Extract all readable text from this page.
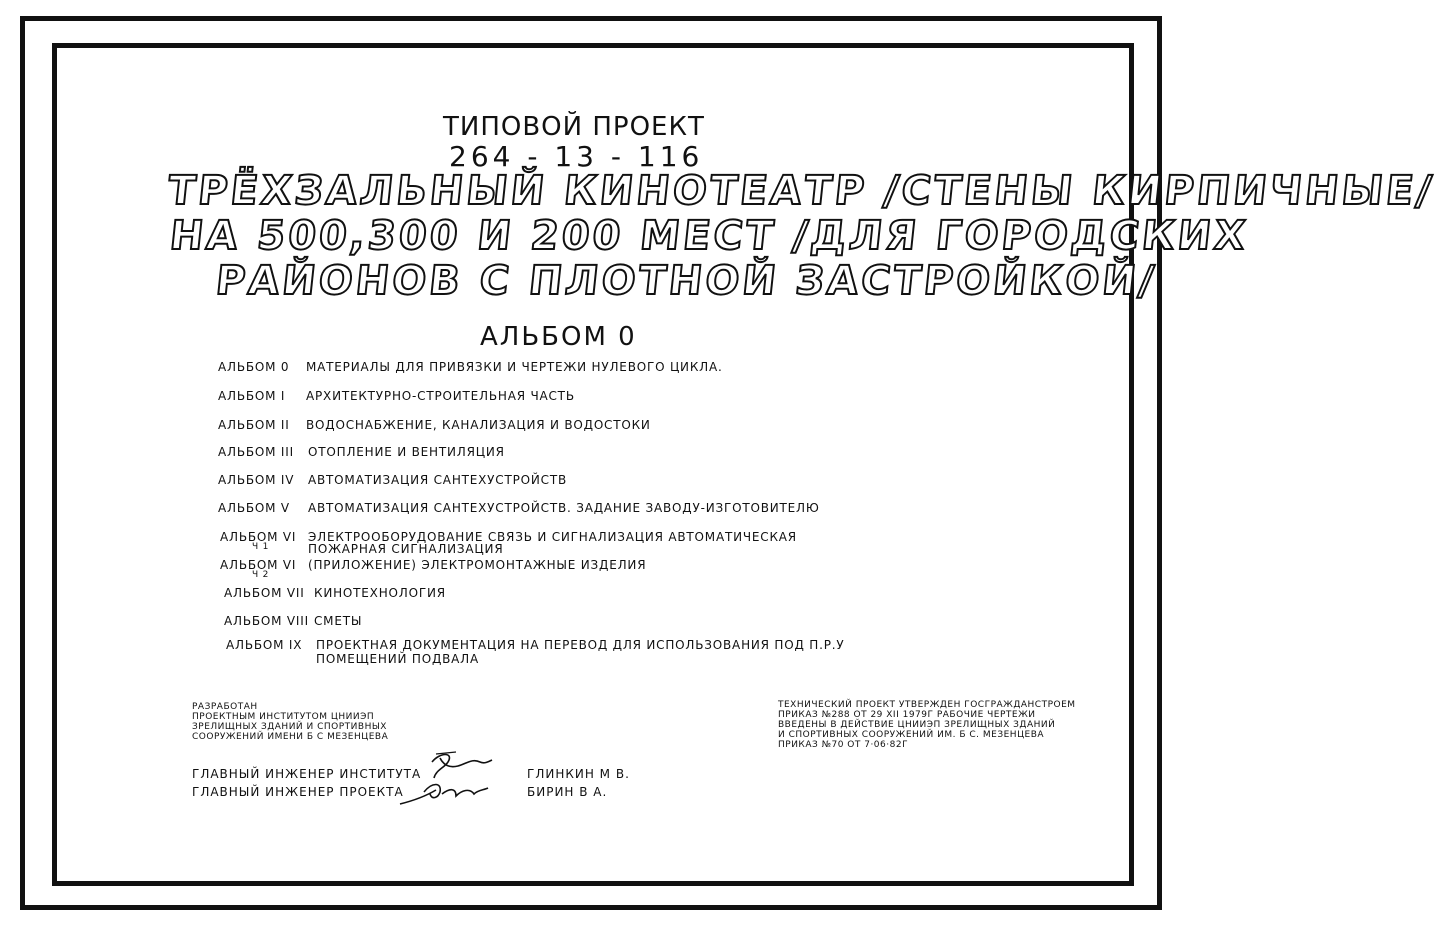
ТИПОВОЙ ПРОЕКТ
264 - 13 - 116
ТРЁХЗАЛЬНЫЙ КИНОТЕАТР /СТЕНЫ КИРПИЧНЫЕ/
НА 500,300 И 200 МЕСТ /ДЛЯ ГОРОДСКИХ
РАЙОНОВ С ПЛОТНОЙ ЗАСТРОЙКОЙ/
АЛЬБОМ 0
АЛЬБОМ 0 МАТЕРИАЛЫ ДЛЯ ПРИВЯЗКИ И ЧЕРТЕЖИ НУЛЕВОГО ЦИКЛА.
АЛЬБОМ I АРХИТЕКТУРНО-СТРОИТЕЛЬНАЯ ЧАСТЬ
АЛЬБОМ II ВОДОСНАБЖЕНИЕ, КАНАЛИЗАЦИЯ И ВОДОСТОКИ
АЛЬБОМ III ОТОПЛЕНИЕ И ВЕНТИЛЯЦИЯ
АЛЬБОМ IV АВТОМАТИЗАЦИЯ САНТЕХУСТРОЙСТВ
АЛЬБОМ V АВТОМАТИЗАЦИЯ САНТЕХУСТРОЙСТВ. ЗАДАНИЕ ЗАВОДУ-ИЗГОТОВИТЕЛЮ
АЛЬБОМ VI
Ч 1
ЭЛЕКТРООБОРУДОВАНИЕ СВЯЗЬ И СИГНАЛИЗАЦИЯ АВТОМАТИЧЕСКАЯ
ПОЖАРНАЯ СИГНАЛИЗАЦИЯ
АЛЬБОМ VI
Ч 2
(ПРИЛОЖЕНИЕ) ЭЛЕКТРОМОНТАЖНЫЕ ИЗДЕЛИЯ
АЛЬБОМ VII КИНОТЕХНОЛОГИЯ
АЛЬБОМ VIII СМЕТЫ
АЛЬБОМ IX ПРОЕКТНАЯ ДОКУМЕНТАЦИЯ НА ПЕРЕВОД ДЛЯ ИСПОЛЬЗОВАНИЯ ПОД П.Р.У
ПОМЕЩЕНИЙ ПОДВАЛА
РАЗРАБОТАН
ПРОЕКТНЫМ ИНСТИТУТОМ ЦНИИЭП
ЗРЕЛИЩНЫХ ЗДАНИЙ И СПОРТИВНЫХ
СООРУЖЕНИЙ ИМЕНИ Б С МЕЗЕНЦЕВА
ТЕХНИЧЕСКИЙ ПРОЕКТ УТВЕРЖДЕН ГОСГРАЖДАНСТРОЕМ
ПРИКАЗ №288 ОТ 29 XII 1979Г РАБОЧИЕ ЧЕРТЕЖИ
ВВЕДЕНЫ В ДЕЙСТВИЕ ЦНИИЭП ЗРЕЛИЩНЫХ ЗДАНИЙ
И СПОРТИВНЫХ СООРУЖЕНИЙ ИМ. Б С. МЕЗЕНЦЕВА
ПРИКАЗ №70 ОТ 7·06·82Г
ГЛАВНЫЙ ИНЖЕНЕР ИНСТИТУТА
ГЛАВНЫЙ ИНЖЕНЕР ПРОЕКТА
ГЛИНКИН М В.
БИРИН В А.
